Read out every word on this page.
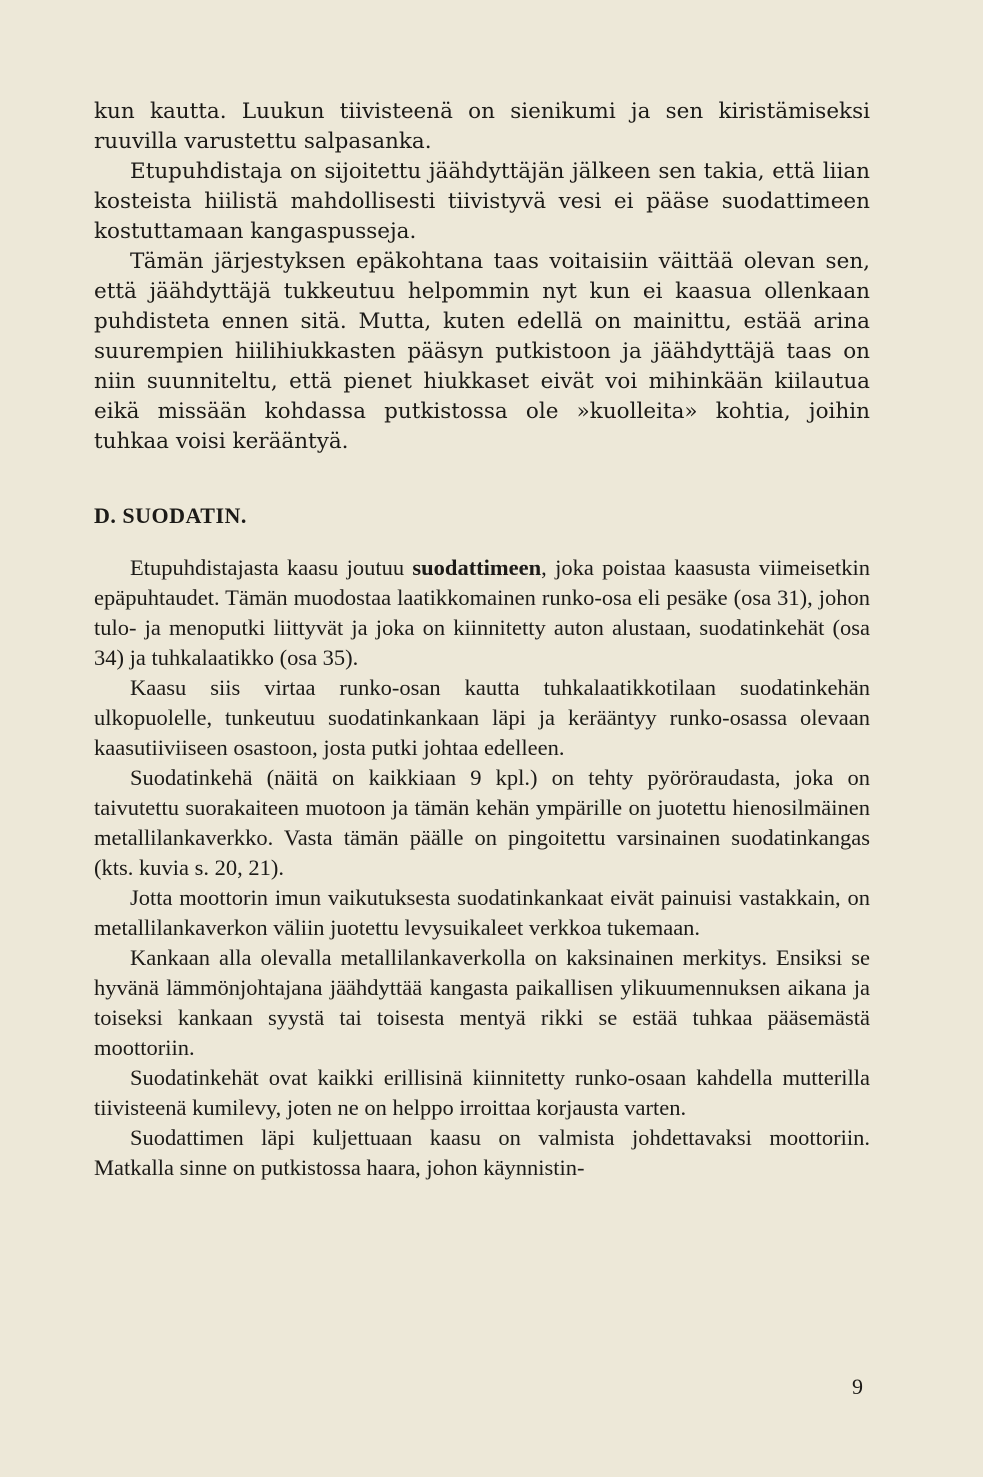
kun kautta. Luukun tiivisteenä on sienikumi ja sen kiristämiseksi ruuvilla varustettu salpasanka.

Etupuhdistaja on sijoitettu jäähdyttäjän jälkeen sen takia, että liian kosteista hiilistä mahdollisesti tiivistyvä vesi ei pääse suodattimeen kostuttamaan kangaspusseja.

Tämän järjestyksen epäkohtana taas voitaisiin väittää olevan sen, että jäähdyttäjä tukkeutuu helpommin nyt kun ei kaasua ollenkaan puhdisteta ennen sitä. Mutta, kuten edellä on mainittu, estää arina suurempien hiilihiukkasten pääsyn putkistoon ja jäähdyttäjä taas on niin suunniteltu, että pienet hiukkaset eivät voi mihinkään kiilautua eikä missään kohdassa putkistossa ole »kuolleita» kohtia, joihin tuhkaa voisi kerääntyä.

D. SUODATIN.

Etupuhdistajasta kaasu joutuu suodattimeen, joka poistaa kaasusta viimeisetkin epäpuhtaudet. Tämän muodostaa laatikkomainen runko-osa eli pesäke (osa 31), johon tulo- ja menoputki liittyvät ja joka on kiinnitetty auton alustaan, suodatinkehät (osa 34) ja tuhkalaatikko (osa 35).

Kaasu siis virtaa runko-osan kautta tuhkalaatikkotilaan suodatinkehän ulkopuolelle, tunkeutuu suodatinkankaan läpi ja kerääntyy runko-osassa olevaan kaasutiiviiseen osastoon, josta putki johtaa edelleen.

Suodatinkehä (näitä on kaikkiaan 9 kpl.) on tehty pyöröraudasta, joka on taivutettu suorakaiteen muotoon ja tämän kehän ympärille on juotettu hienosilmäinen metallilankaverkko. Vasta tämän päälle on pingoitettu varsinainen suodatinkangas (kts. kuvia s. 20, 21).

Jotta moottorin imun vaikutuksesta suodatinkankaat eivät painuisi vastakkain, on metallilankaverkon väliin juotettu levysuikaleet verkkoa tukemaan.

Kankaan alla olevalla metallilankaverkolla on kaksinainen merkitys. Ensiksi se hyvänä lämmönjohtajana jäähdyttää kangasta paikallisen ylikuumennuksen aikana ja toiseksi kankaan syystä tai toisesta mentyä rikki se estää tuhkaa pääsemästä moottoriin.

Suodatinkehät ovat kaikki erillisinä kiinnitetty runko-osaan kahdella mutterilla tiivisteenä kumilevy, joten ne on helppo irroittaa korjausta varten.

Suodattimen läpi kuljettuaan kaasu on valmista johdettavaksi moottoriin. Matkalla sinne on putkistossa haara, johon käynnistin-

9
